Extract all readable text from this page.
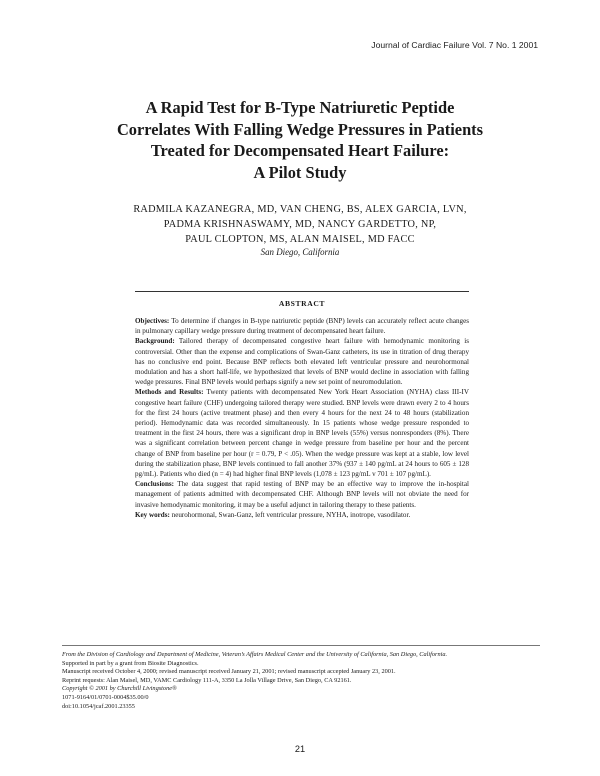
Journal of Cardiac Failure Vol. 7 No. 1 2001
A Rapid Test for B-Type Natriuretic Peptide
Correlates With Falling Wedge Pressures in Patients
Treated for Decompensated Heart Failure:
A Pilot Study
RADMILA KAZANEGRA, MD, VAN CHENG, BS, ALEX GARCIA, LVN,
PADMA KRISHNASWAMY, MD, NANCY GARDETTO, NP,
PAUL CLOPTON, MS, ALAN MAISEL, MD FACC
San Diego, California
ABSTRACT

Objectives: To determine if changes in B-type natriuretic peptide (BNP) levels can accurately reflect acute changes in pulmonary capillary wedge pressure during treatment of decompensated heart failure.

Background: Tailored therapy of decompensated congestive heart failure with hemodynamic monitoring is controversial. Other than the expense and complications of Swan-Ganz catheters, its use in titration of drug therapy has no conclusive end point. Because BNP reflects both elevated left ventricular pressure and neurohormonal modulation and has a short half-life, we hypothesized that levels of BNP would decline in association with falling wedge pressures. Final BNP levels would perhaps signify a new set point of neuromodulation.

Methods and Results: Twenty patients with decompensated New York Heart Association (NYHA) class III-IV congestive heart failure (CHF) undergoing tailored therapy were studied. BNP levels were drawn every 2 to 4 hours for the first 24 hours (active treatment phase) and then every 4 hours for the next 24 to 48 hours (stabilization period). Hemodynamic data was recorded simultaneously. In 15 patients whose wedge pressure responded to treatment in the first 24 hours, there was a significant drop in BNP levels (55%) versus nonresponders (8%). There was a significant correlation between percent change in wedge pressure from baseline per hour and the percent change of BNP from baseline per hour (r = 0.79, P < .05). When the wedge pressure was kept at a stable, low level during the stabilization phase, BNP levels continued to fall another 37% (937 ± 140 pg/mL at 24 hours to 605 ± 128 pg/mL). Patients who died (n = 4) had higher final BNP levels (1,078 ± 123 pg/mL v 701 ± 107 pg/mL).

Conclusions: The data suggest that rapid testing of BNP may be an effective way to improve the in-hospital management of patients admitted with decompensated CHF. Although BNP levels will not obviate the need for invasive hemodynamic monitoring, it may be a useful adjunct in tailoring therapy to these patients.

Key words: neurohormonal, Swan-Ganz, left ventricular pressure, NYHA, inotrope, vasodilator.

From the Division of Cardiology and Department of Medicine, Veteran’s Affairs Medical Center and the University of California, San Diego, California.
Supported in part by a grant from Biosite Diagnostics.
Manuscript received October 4, 2000; revised manuscript received January 21, 2001; revised manuscript accepted January 23, 2001.
Reprint requests: Alan Maisel, MD, VAMC Cardiology 111-A, 3350 La Jolla Village Drive, San Diego, CA 92161.
Copyright © 2001 by Churchill Livingstone®
1071-9164/01/0701-0004$35.00/0
doi:10.1054/jcaf.2001.23355
21
